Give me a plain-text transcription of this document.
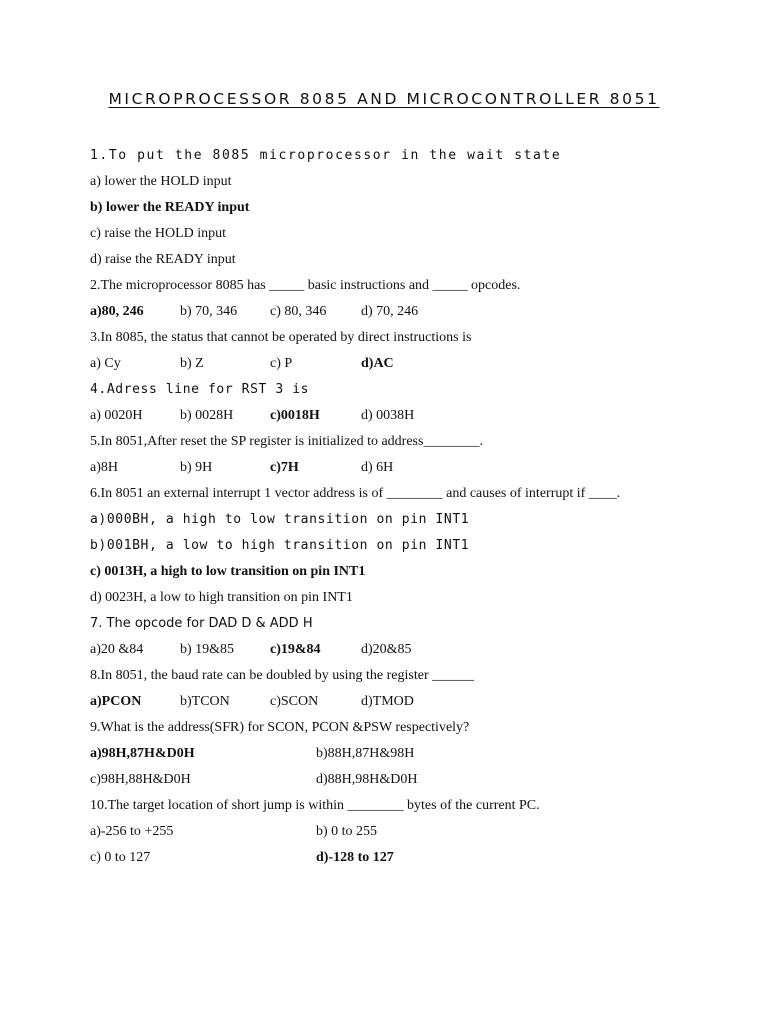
MICROPROCESSOR 8085 AND MICROCONTROLLER 8051
1.To put the 8085 microprocessor in the wait state
a) lower the HOLD input
b) lower the READY input
c) raise the HOLD input
d) raise the READY input
2.The microprocessor 8085 has _____ basic instructions and _____ opcodes.
a)80, 246	b) 70, 346 c) 80, 346 d) 70, 246
3.In 8085, the status that cannot be operated by direct instructions is
a) Cy	b) Z	c) P	d)AC
4.Adress line for RST 3 is
a) 0020H	b) 0028H	c)0018H	d) 0038H
5.In 8051,After reset the SP register is initialized to address________.
a)8H	b) 9H	c)7H	d) 6H
6.In 8051 an external interrupt 1 vector address is of ________ and causes of interrupt if ____.
a)000BH, a high to low transition on pin INT1
b)001BH, a low to high transition on pin INT1
c) 0013H, a high to low transition on pin INT1
d) 0023H, a low to high transition on pin INT1
7. The opcode for DAD D & ADD H
a)20 &84	b) 19&85	c)19&84	d)20&85
8.In 8051, the baud rate can be doubled by using the register ______
a)PCON	b)TCON	c)SCON	d)TMOD
9.What is the address(SFR) for SCON, PCON &PSW respectively?
a)98H,87H&D0H	b)88H,87H&98H
c)98H,88H&D0H	d)88H,98H&D0H
10.The target location of short jump is within ________ bytes of the current PC.
a)-256 to +255	b) 0 to 255
c) 0 to 127	d)-128 to 127
